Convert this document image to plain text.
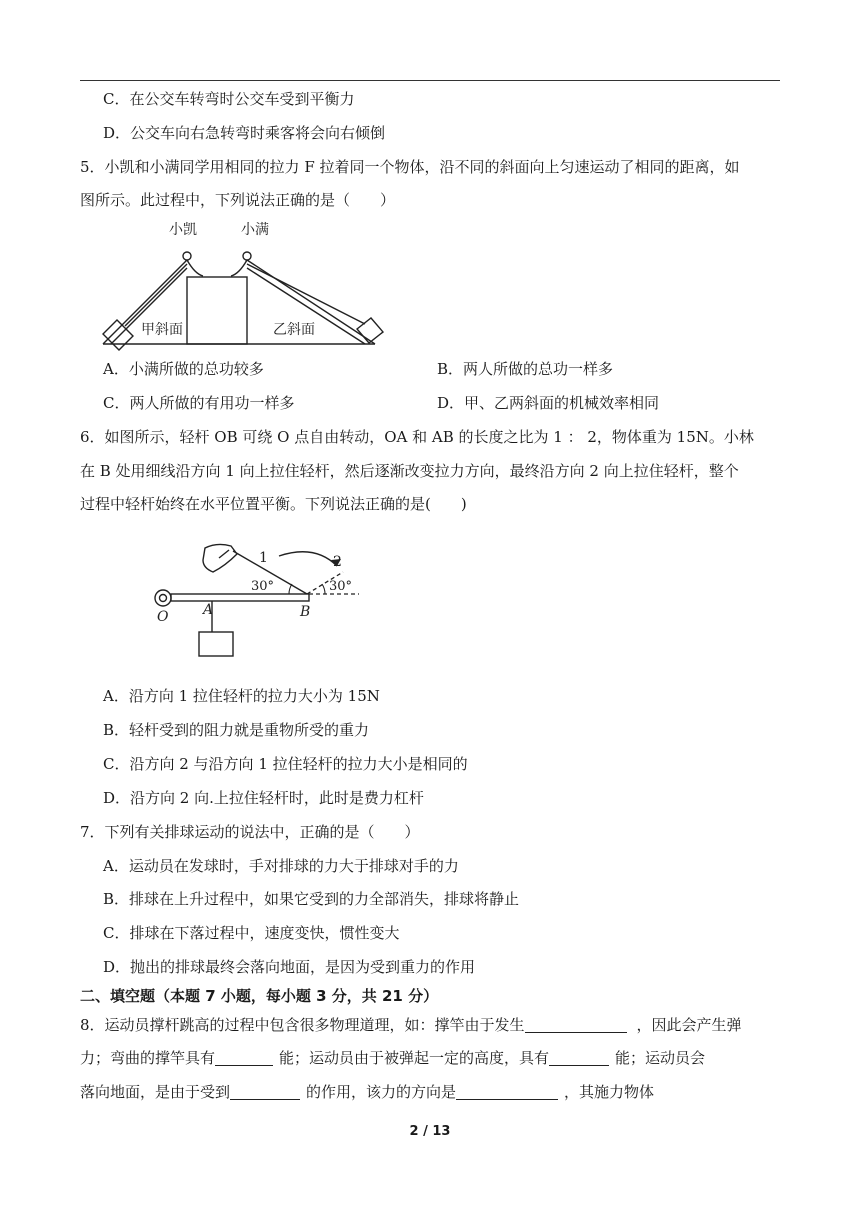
C．在公交车转弯时公交车受到平衡力
D．公交车向右急转弯时乘客将会向右倾倒
5．小凯和小满同学用相同的拉力 F 拉着同一个物体，沿不同的斜面向上匀速运动了相同的距离，如
图所示。此过程中，下列说法正确的是（　　）
小凯	小满
甲斜面	乙斜面
A．小满所做的总功较多	B．两人所做的总功一样多
C．两人所做的有用功一样多	D．甲、乙两斜面的机械效率相同
6．如图所示，轻杆 OB 可绕 O 点自由转动，OA 和 AB 的长度之比为 1 ： 2，物体重为 15N。小林
在 B 处用细线沿方向 1 向上拉住轻杆，然后逐渐改变拉力方向，最终沿方向 2 向上拉住轻杆，整个
过程中轻杆始终在水平位置平衡。下列说法正确的是(　　)
1	2
30°	30°
O A	B
A．沿方向 1 拉住轻杆的拉力大小为 15N
B．轻杆受到的阻力就是重物所受的重力
C．沿方向 2 与沿方向 1 拉住轻杆的拉力大小是相同的
D．沿方向 2 向.上拉住轻杆时，此时是费力杠杆
7．下列有关排球运动的说法中，正确的是（　　）
A．运动员在发球时，手对排球的力大于排球对手的力
B．排球在上升过程中，如果它受到的力全部消失，排球将静止
C．排球在下落过程中，速度变快，惯性变大
D．抛出的排球最终会落向地面，是因为受到重力的作用
二、填空题（本题 7 小题，每小题 3 分，共 21 分）
8．运动员撑杆跳高的过程中包含很多物理道理，如：撑竿由于发生	，因此会产生弹
力；弯曲的撑竿具有	能；运动员由于被弹起一定的高度，具有	能；运动员会
落向地面，是由于受到	的作用，该力的方向是	，其施力物体
2 / 13
